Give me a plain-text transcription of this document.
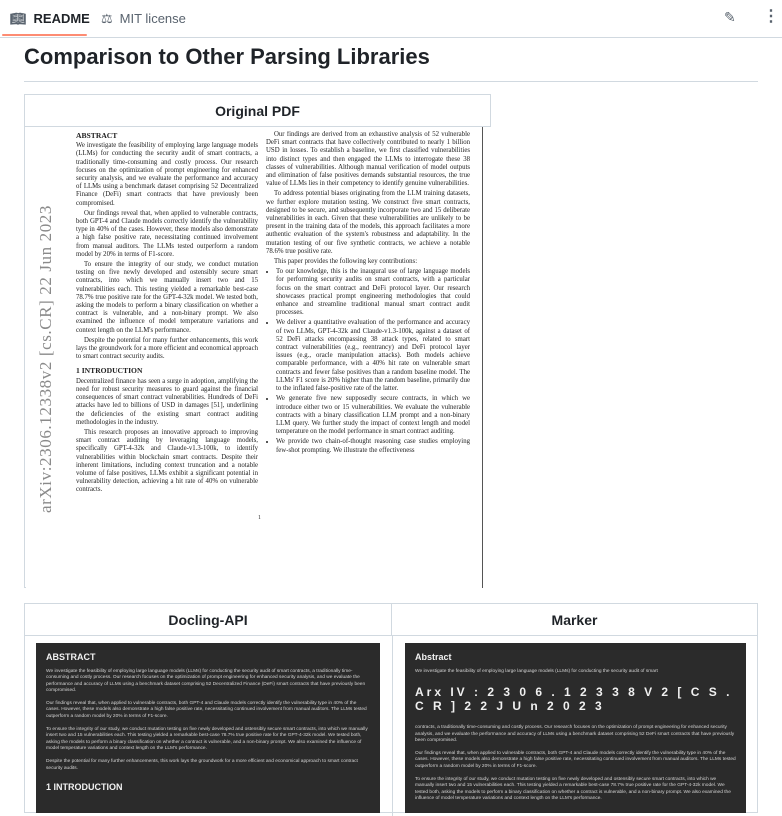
📖︎ README ⚖︎ MIT license	✎︎ ⋮
Comparison to Other Parsing Libraries
Original PDF
arXiv:2306.12338v2 [cs.CR] 22 Jun 2023
ABSTRACT

We investigate the feasibility of employing large language models (LLMs) for conducting the security audit of smart contracts, a traditionally time-consuming and costly process. Our research focuses on the optimization of prompt engineering for enhanced security analysis, and we evaluate the performance and accuracy of LLMs using a benchmark dataset comprising 52 Decentralized Finance (DeFi) smart contracts that have previously been compromised.

Our findings reveal that, when applied to vulnerable contracts, both GPT-4 and Claude models correctly identify the vulnerability type in 40% of the cases. However, these models also demonstrate a high false positive rate, necessitating continued involvement from manual auditors. The LLMs tested outperform a random model by 20% in terms of F1-score.

To ensure the integrity of our study, we conduct mutation testing on five newly developed and ostensibly secure smart contracts, into which we manually insert two and 15 vulnerabilities each. This testing yielded a remarkable best-case 78.7% true positive rate for the GPT-4-32k model. We tested both, asking the models to perform a binary classification on whether a contract is vulnerable, and a non-binary prompt. We also examined the influence of model temperature variations and context length on the LLM's performance.

Despite the potential for many further enhancements, this work lays the groundwork for a more efficient and economical approach to smart contract security audits.

1 INTRODUCTION

Decentralized finance has seen a surge in adoption, amplifying the need for robust security measures to guard against the financial consequences of smart contract vulnerabilities. Hundreds of DeFi attacks have led to billions of USD in damages [51], underlining the deficiencies of the existing smart contract auditing methodologies in the industry.

This research proposes an innovative approach to improving smart contract auditing by leveraging language models, specifically GPT-4-32k and Claude-v1.3-100k, to identify vulnerabilities within blockchain smart contracts. Despite their inherent limitations, including context truncation and a notable volume of false positives, LLMs exhibit a significant potential in vulnerability detection, achieving a hit rate of 40% on vulnerable contracts.

Our findings are derived from an exhaustive analysis of 52 vulnerable DeFi smart contracts that have collectively contributed to nearly 1 billion USD in losses. To establish a baseline, we first classified vulnerabilities into distinct types and then engaged the LLMs to interrogate these 38 classes of vulnerabilities. Although manual verification of model outputs and elimination of false positives demands substantial resources, the true value of LLMs lies in their competency to identify genuine vulnerabilities.

To address potential biases originating from the LLM training datasets, we further explore mutation testing. We construct five smart contracts, designed to be secure, and subsequently incorporate two and 15 deliberate vulnerabilities in each. Given that these vulnerabilities are unlikely to be present in the training data of the models, this approach facilitates a more authentic evaluation of the system's robustness and adaptability. In the mutation testing of our five synthetic contracts, we achieve a notable 78.6% true positive rate.

This paper provides the following key contributions:

• To our knowledge, this is the inaugural use of large language models for performing security audits on smart contracts, with a particular focus on the smart contract and DeFi protocol layer. Our research showcases practical prompt engineering methodologies that could enhance and streamline traditional manual smart contract audit processes.
• We deliver a quantitative evaluation of the performance and accuracy of two LLMs, GPT-4-32k and Claude-v1.3-100k, against a dataset of 52 DeFi attacks encompassing 38 attack types, related to smart contract vulnerabilities (e.g., reentrancy) and DeFi protocol layer issues (e.g., oracle manipulation attacks). Both models achieve comparable performance, with a 40% hit rate on vulnerable smart contracts and fewer false positives than a random baseline model. The LLMs' F1 score is 20% higher than the random baseline, primarily due to the inflated false-positive rate of the latter.
• We generate five new supposedly secure contracts, in which we introduce either two or 15 vulnerabilities. We evaluate the vulnerable contracts with a binary classification LLM prompt and a non-binary LLM query. We further study the impact of context length and model temperature on the model performance in smart contract auditing.
• We provide two chain-of-thought reasoning case studies employing few-shot prompting. We illustrate the effectiveness
1
Docling-API	Marker
ABSTRACT

We investigate the feasibility of employing large language models (LLMs) for conducting the security audit of smart contracts, a traditionally time-consuming and costly process. Our research focuses on the optimization of prompt engineering for enhanced security analysis, and we evaluate the performance and accuracy of LLMs using a benchmark dataset comprising 52 Decentralized Finance (DeFi) smart contracts that have previously been compromised.

Our findings reveal that, when applied to vulnerable contracts, both GPT-4 and Claude models correctly identify the vulnerability type in 40% of the cases. However, these models also demonstrate a high false positive rate, necessitating continued involvement from manual auditors. The LLMs tested outperform a random model by 20% in terms of F1-score.

To ensure the integrity of our study, we conduct mutation testing on five newly developed and ostensibly secure smart contracts, into which we manually insert two and 15 vulnerabilities each. This testing yielded a remarkable best-case 78.7% true positive rate for the GPT-4-32k model. We tested both, asking the models to perform a binary classification on whether a contract is vulnerable, and a non-binary prompt. We also examined the influence of model temperature variations and context length on the LLM's performance.

Despite the potential for many further enhancements, this work lays the groundwork for a more efficient and economical approach to smart contract security audits.

1 INTRODUCTION
Abstract

We investigate the feasibility of employing large language models (LLMs) for conducting the security audit of smart

Arx IV : 2 3 0 6 . 1 2 3 3 8 V 2 [ C S . C R ] 2 2 J U n 2 0 2 3

contracts, a traditionally time-consuming and costly process. Our research focuses on the optimization of prompt engineering for enhanced security analysis, and we evaluate the performance and accuracy of LLMs using a benchmark dataset comprising 52 DeFi smart contracts that have previously been compromised.

Our findings reveal that, when applied to vulnerable contracts, both GPT-4 and Claude models correctly identify the vulnerability type in 40% of the cases. However, these models also demonstrate a high false positive rate, necessitating continued involvement from manual auditors. The LLMs tested outperform a random model by 20% in terms of F1-score.

To ensure the integrity of our study, we conduct mutation testing on five newly developed and ostensibly secure smart contracts, into which we manually insert two and 15 vulnerabilities each. This testing yielded a remarkable best-case 78.7% true positive rate for the GPT-4-32k model. We tested both, asking the models to perform a binary classification on whether a contract is vulnerable, and a non-binary prompt. We also examined the influence of model temperature variations and context length on the LLM's performance.
